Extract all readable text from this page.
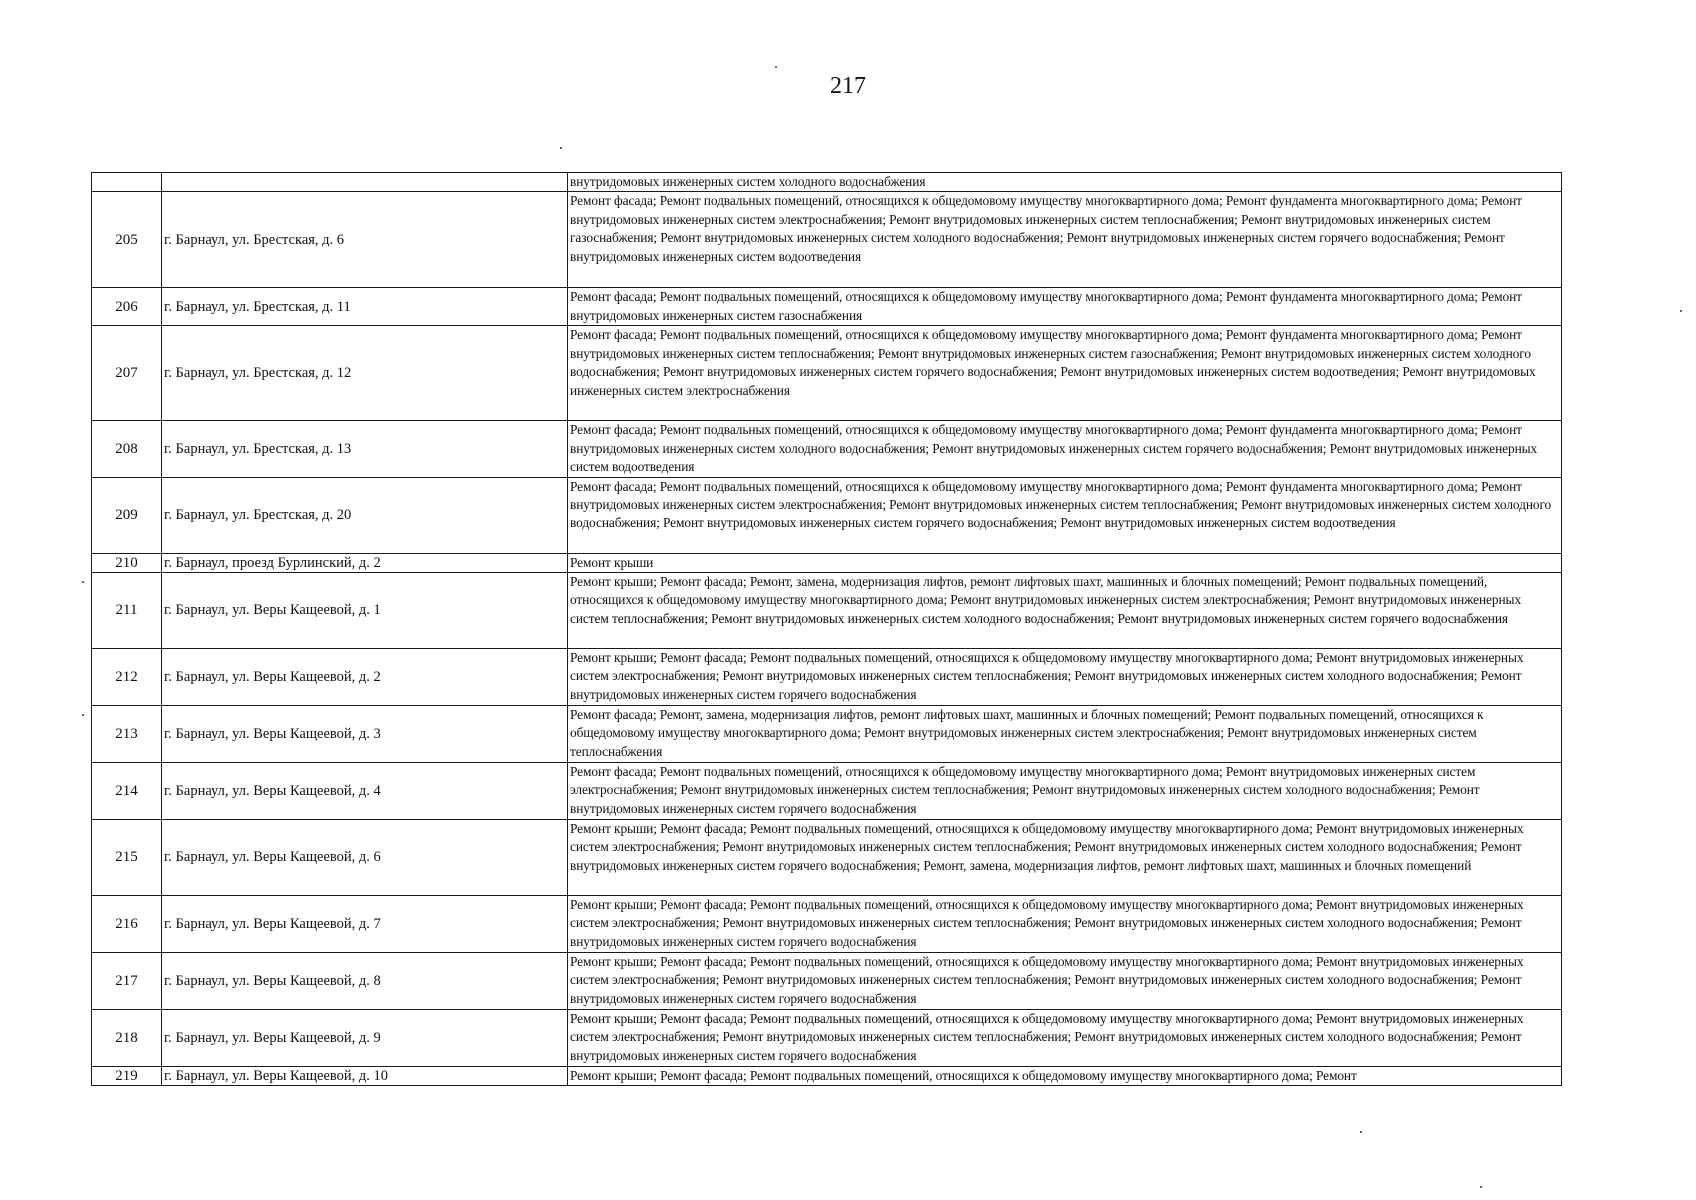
217
		внутридомовых инженерных систем холодного водоснабжения
205	г. Барнаул, ул. Брестская, д. 6	Ремонт фасада; Ремонт подвальных помещений, относящихся к общедомовому имуществу многоквартирного дома; Ремонт фундамента многоквартирного дома; Ремонт внутридомовых инженерных систем электроснабжения; Ремонт внутридомовых инженерных систем теплоснабжения; Ремонт внутридомовых инженерных систем газоснабжения; Ремонт внутридомовых инженерных систем холодного водоснабжения; Ремонт внутридомовых инженерных систем горячего водоснабжения; Ремонт внутридомовых инженерных систем водоотведения
206	г. Барнаул, ул. Брестская, д. 11	Ремонт фасада; Ремонт подвальных помещений, относящихся к общедомовому имуществу многоквартирного дома; Ремонт фундамента многоквартирного дома; Ремонт внутридомовых инженерных систем газоснабжения
207	г. Барнаул, ул. Брестская, д. 12	Ремонт фасада; Ремонт подвальных помещений, относящихся к общедомовому имуществу многоквартирного дома; Ремонт фундамента многоквартирного дома; Ремонт внутридомовых инженерных систем теплоснабжения; Ремонт внутридомовых инженерных систем газоснабжения; Ремонт внутридомовых инженерных систем холодного водоснабжения; Ремонт внутридомовых инженерных систем горячего водоснабжения; Ремонт внутридомовых инженерных систем водоотведения; Ремонт внутридомовых инженерных систем электроснабжения
208	г. Барнаул, ул. Брестская, д. 13	Ремонт фасада; Ремонт подвальных помещений, относящихся к общедомовому имуществу многоквартирного дома; Ремонт фундамента многоквартирного дома; Ремонт внутридомовых инженерных систем холодного водоснабжения; Ремонт внутридомовых инженерных систем горячего водоснабжения; Ремонт внутридомовых инженерных систем водоотведения
209	г. Барнаул, ул. Брестская, д. 20	Ремонт фасада; Ремонт подвальных помещений, относящихся к общедомовому имуществу многоквартирного дома; Ремонт фундамента многоквартирного дома; Ремонт внутридомовых инженерных систем электроснабжения; Ремонт внутридомовых инженерных систем теплоснабжения; Ремонт внутридомовых инженерных систем холодного водоснабжения; Ремонт внутридомовых инженерных систем горячего водоснабжения; Ремонт внутридомовых инженерных систем водоотведения
210	г. Барнаул, проезд Бурлинский, д. 2	Ремонт крыши
211	г. Барнаул, ул. Веры Кащеевой, д. 1	Ремонт крыши; Ремонт фасада; Ремонт, замена, модернизация лифтов, ремонт лифтовых шахт, машинных и блочных помещений; Ремонт подвальных помещений, относящихся к общедомовому имуществу многоквартирного дома; Ремонт внутридомовых инженерных систем электроснабжения; Ремонт внутридомовых инженерных систем теплоснабжения; Ремонт внутридомовых инженерных систем холодного водоснабжения; Ремонт внутридомовых инженерных систем горячего водоснабжения
212	г. Барнаул, ул. Веры Кащеевой, д. 2	Ремонт крыши; Ремонт фасада; Ремонт подвальных помещений, относящихся к общедомовому имуществу многоквартирного дома; Ремонт внутридомовых инженерных систем электроснабжения; Ремонт внутридомовых инженерных систем теплоснабжения; Ремонт внутридомовых инженерных систем холодного водоснабжения; Ремонт внутридомовых инженерных систем горячего водоснабжения
213	г. Барнаул, ул. Веры Кащеевой, д. 3	Ремонт фасада; Ремонт, замена, модернизация лифтов, ремонт лифтовых шахт, машинных и блочных помещений; Ремонт подвальных помещений, относящихся к общедомовому имуществу многоквартирного дома; Ремонт внутридомовых инженерных систем электроснабжения; Ремонт внутридомовых инженерных систем теплоснабжения
214	г. Барнаул, ул. Веры Кащеевой, д. 4	Ремонт фасада; Ремонт подвальных помещений, относящихся к общедомовому имуществу многоквартирного дома; Ремонт внутридомовых инженерных систем электроснабжения; Ремонт внутридомовых инженерных систем теплоснабжения; Ремонт внутридомовых инженерных систем холодного водоснабжения; Ремонт внутридомовых инженерных систем горячего водоснабжения
215	г. Барнаул, ул. Веры Кащеевой, д. 6	Ремонт крыши; Ремонт фасада; Ремонт подвальных помещений, относящихся к общедомовому имуществу многоквартирного дома; Ремонт внутридомовых инженерных систем электроснабжения; Ремонт внутридомовых инженерных систем теплоснабжения; Ремонт внутридомовых инженерных систем холодного водоснабжения; Ремонт внутридомовых инженерных систем горячего водоснабжения; Ремонт, замена, модернизация лифтов, ремонт лифтовых шахт, машинных и блочных помещений
216	г. Барнаул, ул. Веры Кащеевой, д. 7	Ремонт крыши; Ремонт фасада; Ремонт подвальных помещений, относящихся к общедомовому имуществу многоквартирного дома; Ремонт внутридомовых инженерных систем электроснабжения; Ремонт внутридомовых инженерных систем теплоснабжения; Ремонт внутридомовых инженерных систем холодного водоснабжения; Ремонт внутридомовых инженерных систем горячего водоснабжения
217	г. Барнаул, ул. Веры Кащеевой, д. 8	Ремонт крыши; Ремонт фасада; Ремонт подвальных помещений, относящихся к общедомовому имуществу многоквартирного дома; Ремонт внутридомовых инженерных систем электроснабжения; Ремонт внутридомовых инженерных систем теплоснабжения; Ремонт внутридомовых инженерных систем холодного водоснабжения; Ремонт внутридомовых инженерных систем горячего водоснабжения
218	г. Барнаул, ул. Веры Кащеевой, д. 9	Ремонт крыши; Ремонт фасада; Ремонт подвальных помещений, относящихся к общедомовому имуществу многоквартирного дома; Ремонт внутридомовых инженерных систем электроснабжения; Ремонт внутридомовых инженерных систем теплоснабжения; Ремонт внутридомовых инженерных систем холодного водоснабжения; Ремонт внутридомовых инженерных систем горячего водоснабжения
219	г. Барнаул, ул. Веры Кащеевой, д. 10	Ремонт крыши; Ремонт фасада; Ремонт подвальных помещений, относящихся к общедомовому имуществу многоквартирного дома; Ремонт
